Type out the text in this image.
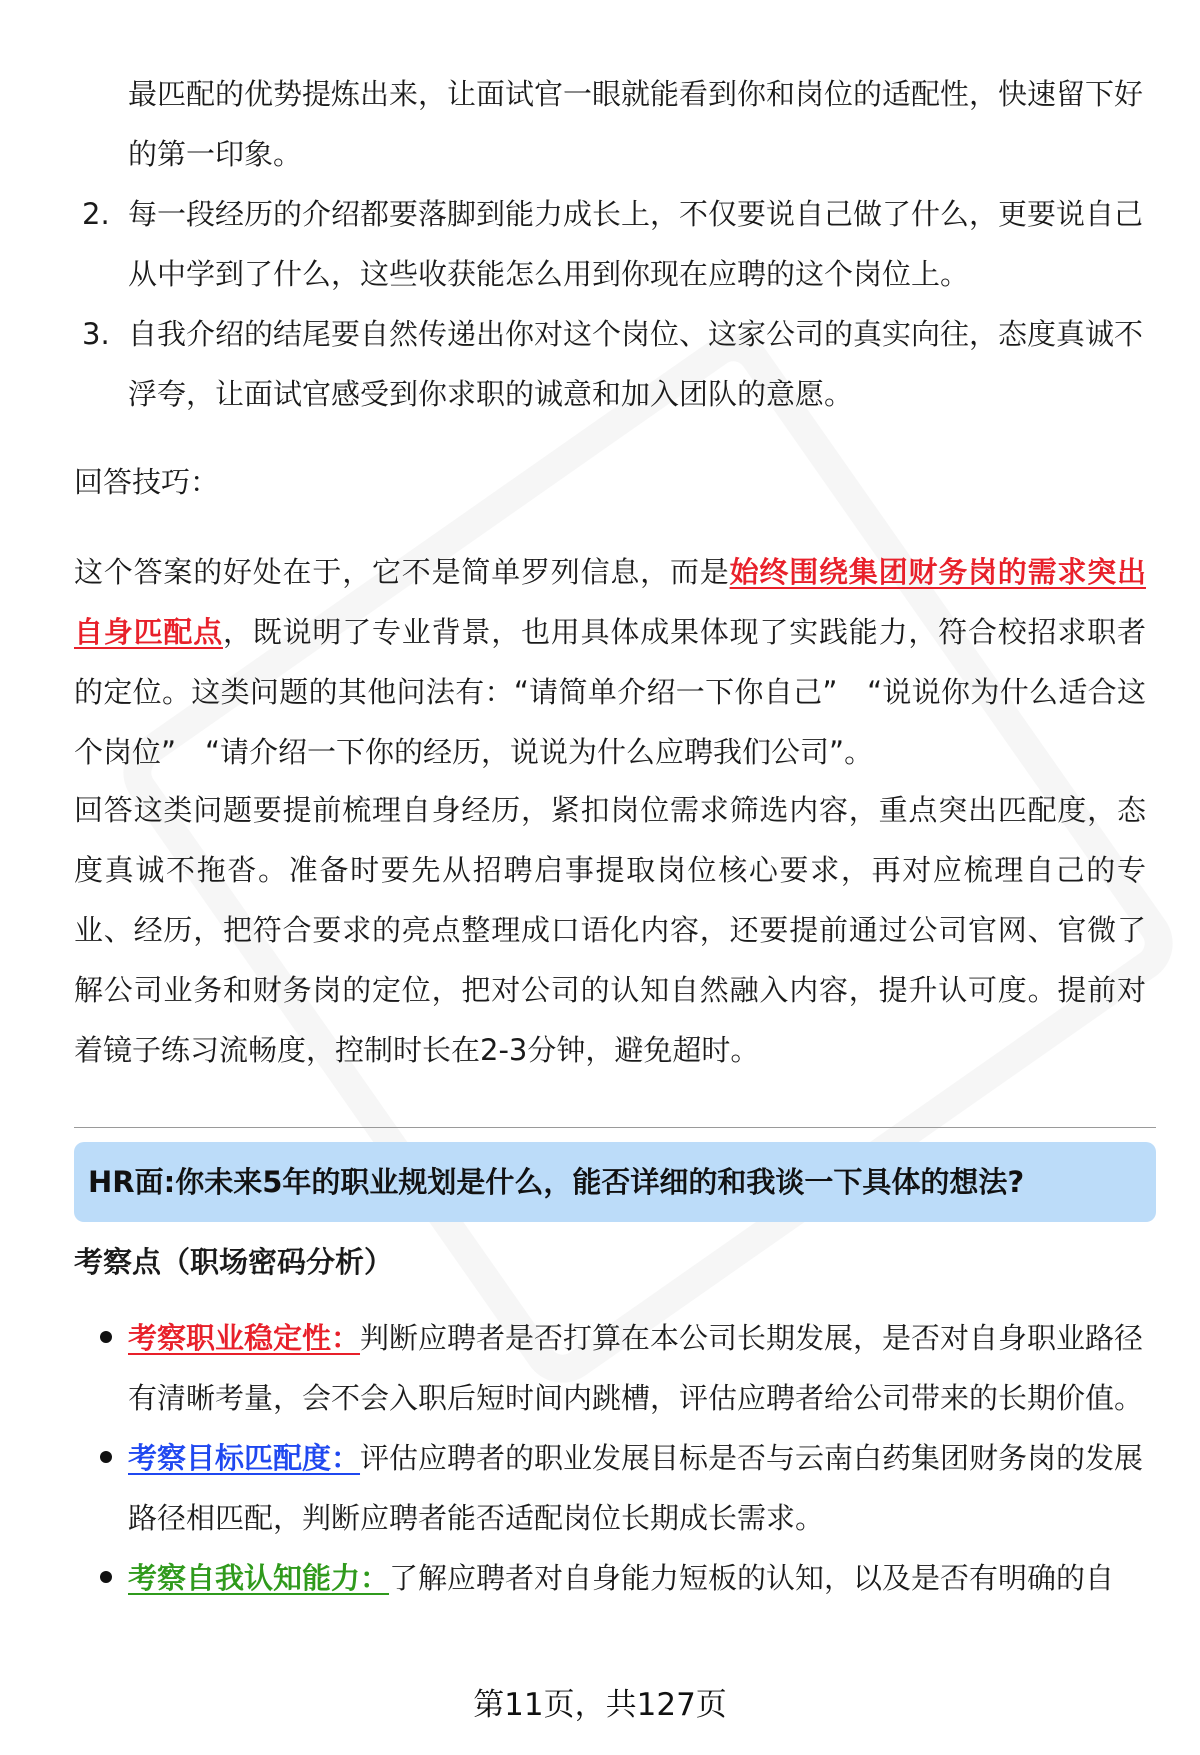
最匹配的优势提炼出来，让面试官一眼就能看到你和岗位的适配性，快速留下好的第一印象。
2. 每一段经历的介绍都要落脚到能力成长上，不仅要说自己做了什么，更要说自己从中学到了什么，这些收获能怎么用到你现在应聘的这个岗位上。
3. 自我介绍的结尾要自然传递出你对这个岗位、这家公司的真实向往，态度真诚不浮夸，让面试官感受到你求职的诚意和加入团队的意愿。
回答技巧：
这个答案的好处在于，它不是简单罗列信息，而是始终围绕集团财务岗的需求突出自身匹配点，既说明了专业背景，也用具体成果体现了实践能力，符合校招求职者的定位。这类问题的其他问法有：“请简单介绍一下你自己”　“说说你为什么适合这个岗位”　“请介绍一下你的经历，说说为什么应聘我们公司”。
回答这类问题要提前梳理自身经历，紧扣岗位需求筛选内容，重点突出匹配度，态度真诚不拖沓。准备时要先从招聘启事提取岗位核心要求，再对应梳理自己的专业、经历，把符合要求的亮点整理成口语化内容，还要提前通过公司官网、官微了解公司业务和财务岗的定位，把对公司的认知自然融入内容，提升认可度。提前对着镜子练习流畅度，控制时长在2-3分钟，避免超时。
HR面:你未来5年的职业规划是什么，能否详细的和我谈一下具体的想法?
考察点（职场密码分析）
考察职业稳定性：判断应聘者是否打算在本公司长期发展，是否对自身职业路径有清晰考量，会不会入职后短时间内跳槽，评估应聘者给公司带来的长期价值。
考察目标匹配度：评估应聘者的职业发展目标是否与云南白药集团财务岗的发展路径相匹配，判断应聘者能否适配岗位长期成长需求。
考察自我认知能力：了解应聘者对自身能力短板的认知，以及是否有明确的自
第11页，共127页
